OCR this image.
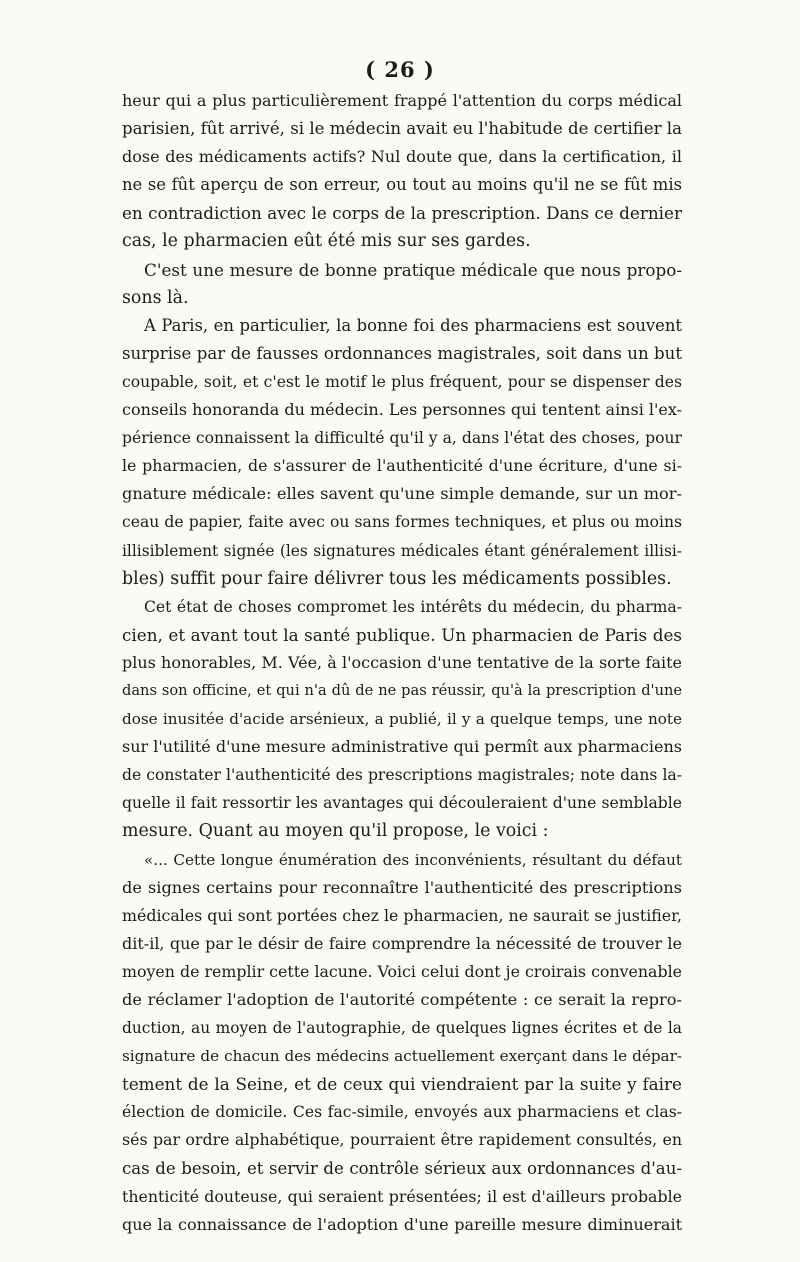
( 26 )
heur qui a plus particulièrement frappé l'attention du corps médical
parisien, fût arrivé, si le médecin avait eu l'habitude de certifier la
dose des médicaments actifs? Nul doute que, dans la certification, il
ne se fût aperçu de son erreur, ou tout au moins qu'il ne se fût mis
en contradiction avec le corps de la prescription. Dans ce dernier
cas, le pharmacien eût été mis sur ses gardes.
C'est une mesure de bonne pratique médicale que nous propo-
sons là.
A Paris, en particulier, la bonne foi des pharmaciens est souvent
surprise par de fausses ordonnances magistrales, soit dans un but
coupable, soit, et c'est le motif le plus fréquent, pour se dispenser des
conseils honoranda du médecin. Les personnes qui tentent ainsi l'ex-
périence connaissent la difficulté qu'il y a, dans l'état des choses, pour
le pharmacien, de s'assurer de l'authenticité d'une écriture, d'une si-
gnature médicale: elles savent qu'une simple demande, sur un mor-
ceau de papier, faite avec ou sans formes techniques, et plus ou moins
illisiblement signée (les signatures médicales étant généralement illisi-
bles) suffit pour faire délivrer tous les médicaments possibles.
Cet état de choses compromet les intérêts du médecin, du pharma-
cien, et avant tout la santé publique. Un pharmacien de Paris des
plus honorables, M. Vée, à l'occasion d'une tentative de la sorte faite
dans son officine, et qui n'a dû de ne pas réussir, qu'à la prescription d'une
dose inusitée d'acide arsénieux, a publié, il y a quelque temps, une note
sur l'utilité d'une mesure administrative qui permît aux pharmaciens
de constater l'authenticité des prescriptions magistrales; note dans la-
quelle il fait ressortir les avantages qui découleraient d'une semblable
mesure. Quant au moyen qu'il propose, le voici :
«... Cette longue énumération des inconvénients, résultant du défaut
de signes certains pour reconnaître l'authenticité des prescriptions
médicales qui sont portées chez le pharmacien, ne saurait se justifier,
dit-il, que par le désir de faire comprendre la nécessité de trouver le
moyen de remplir cette lacune. Voici celui dont je croirais convenable
de réclamer l'adoption de l'autorité compétente : ce serait la repro-
duction, au moyen de l'autographie, de quelques lignes écrites et de la
signature de chacun des médecins actuellement exerçant dans le dépar-
tement de la Seine, et de ceux qui viendraient par la suite y faire
élection de domicile. Ces fac-simile, envoyés aux pharmaciens et clas-
sés par ordre alphabétique, pourraient être rapidement consultés, en
cas de besoin, et servir de contrôle sérieux aux ordonnances d'au-
thenticité douteuse, qui seraient présentées; il est d'ailleurs probable
que la connaissance de l'adoption d'une pareille mesure diminuerait
